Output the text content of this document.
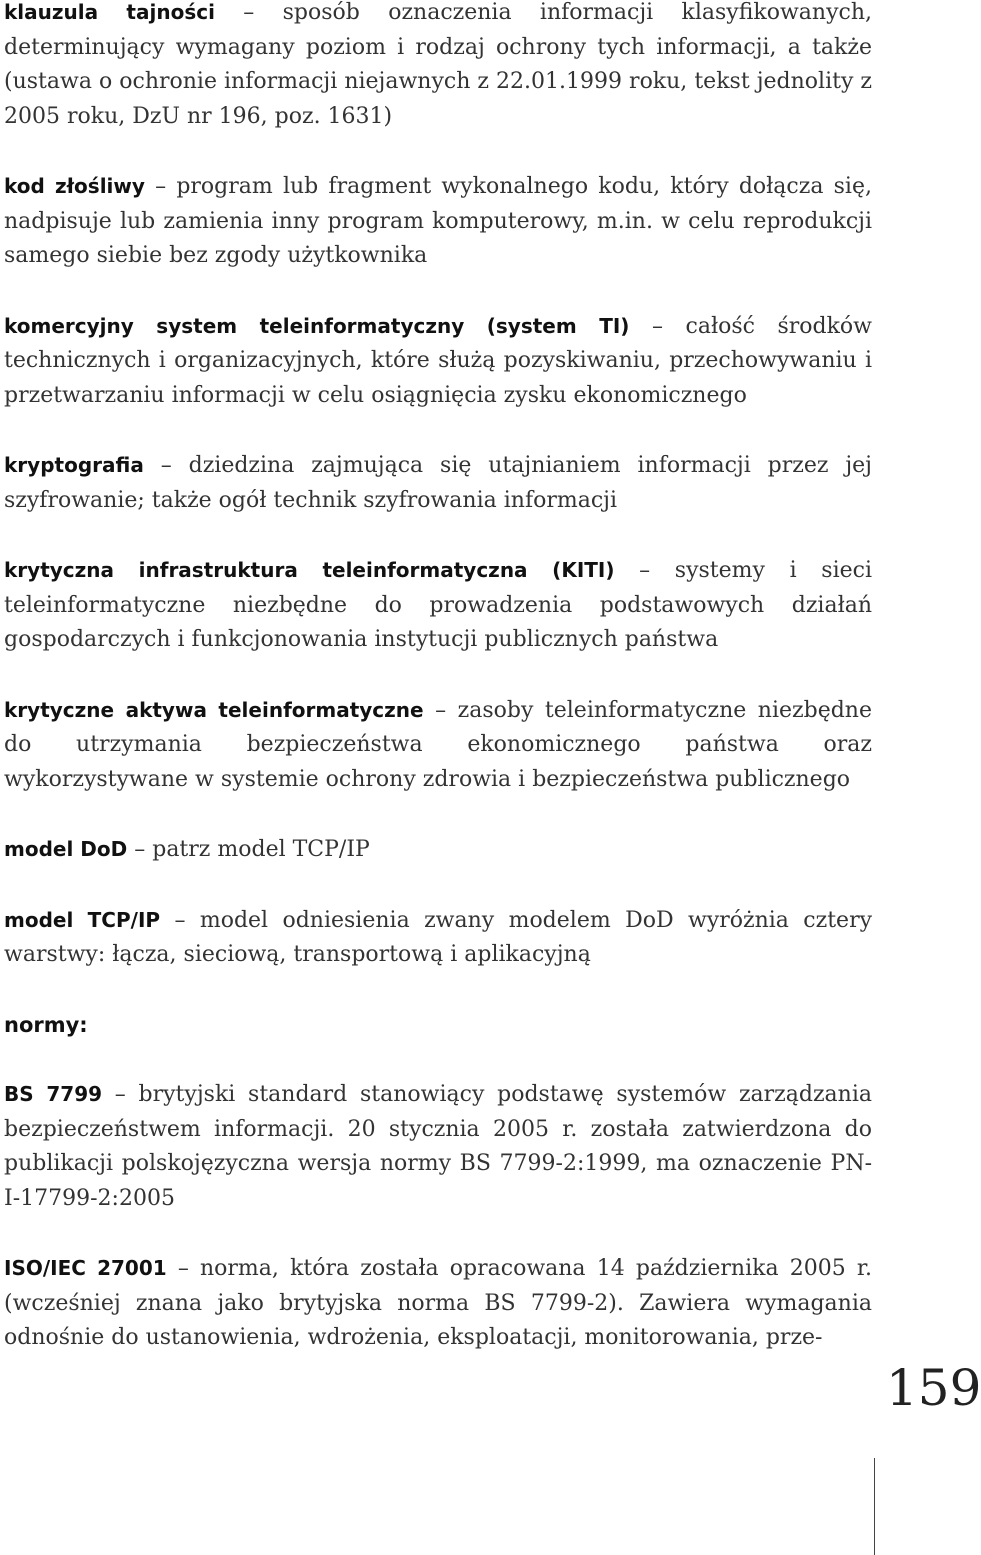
klauzula tajności – sposób oznaczenia informacji klasyfikowanych, determinujący wymagany poziom i rodzaj ochrony tych informacji, a także (ustawa o ochronie informacji niejawnych z 22.01.1999 roku, tekst jednolity z 2005 roku, DzU nr 196, poz. 1631)

kod złośliwy – program lub fragment wykonalnego kodu, który dołącza się, nadpisuje lub zamienia inny program komputerowy, m.in. w celu reprodukcji samego siebie bez zgody użytkownika

komercyjny system teleinformatyczny (system TI) – całość środków technicznych i organizacyjnych, które służą pozyskiwaniu, przechowywaniu i przetwarzaniu informacji w celu osiągnięcia zysku ekonomicznego

kryptografia – dziedzina zajmująca się utajnianiem informacji przez jej szyfrowanie; także ogół technik szyfrowania informacji

krytyczna infrastruktura teleinformatyczna (KITI) – systemy i sieci teleinformatyczne niezbędne do prowadzenia podstawowych działań gospodarczych i funkcjonowania instytucji publicznych państwa

krytyczne aktywa teleinformatyczne – zasoby teleinformatyczne niezbędne do utrzymania bezpieczeństwa ekonomicznego państwa oraz wykorzystywane w systemie ochrony zdrowia i bezpieczeństwa publicznego

model DoD – patrz model TCP/IP

model TCP/IP – model odniesienia zwany modelem DoD wyróżnia cztery warstwy: łącza, sieciową, transportową i aplikacyjną

normy:

BS 7799 – brytyjski standard stanowiący podstawę systemów zarządzania bezpieczeństwem informacji. 20 stycznia 2005 r. została zatwierdzona do publikacji polskojęzyczna wersja normy BS 7799-2:1999, ma oznaczenie PN-I-17799-2:2005

ISO/IEC 27001 – norma, która została opracowana 14 października 2005 r. (wcześniej znana jako brytyjska norma BS 7799-2). Zawiera wymagania odnośnie do ustanowienia, wdrożenia, eksploatacji, monitorowania, prze-

159
